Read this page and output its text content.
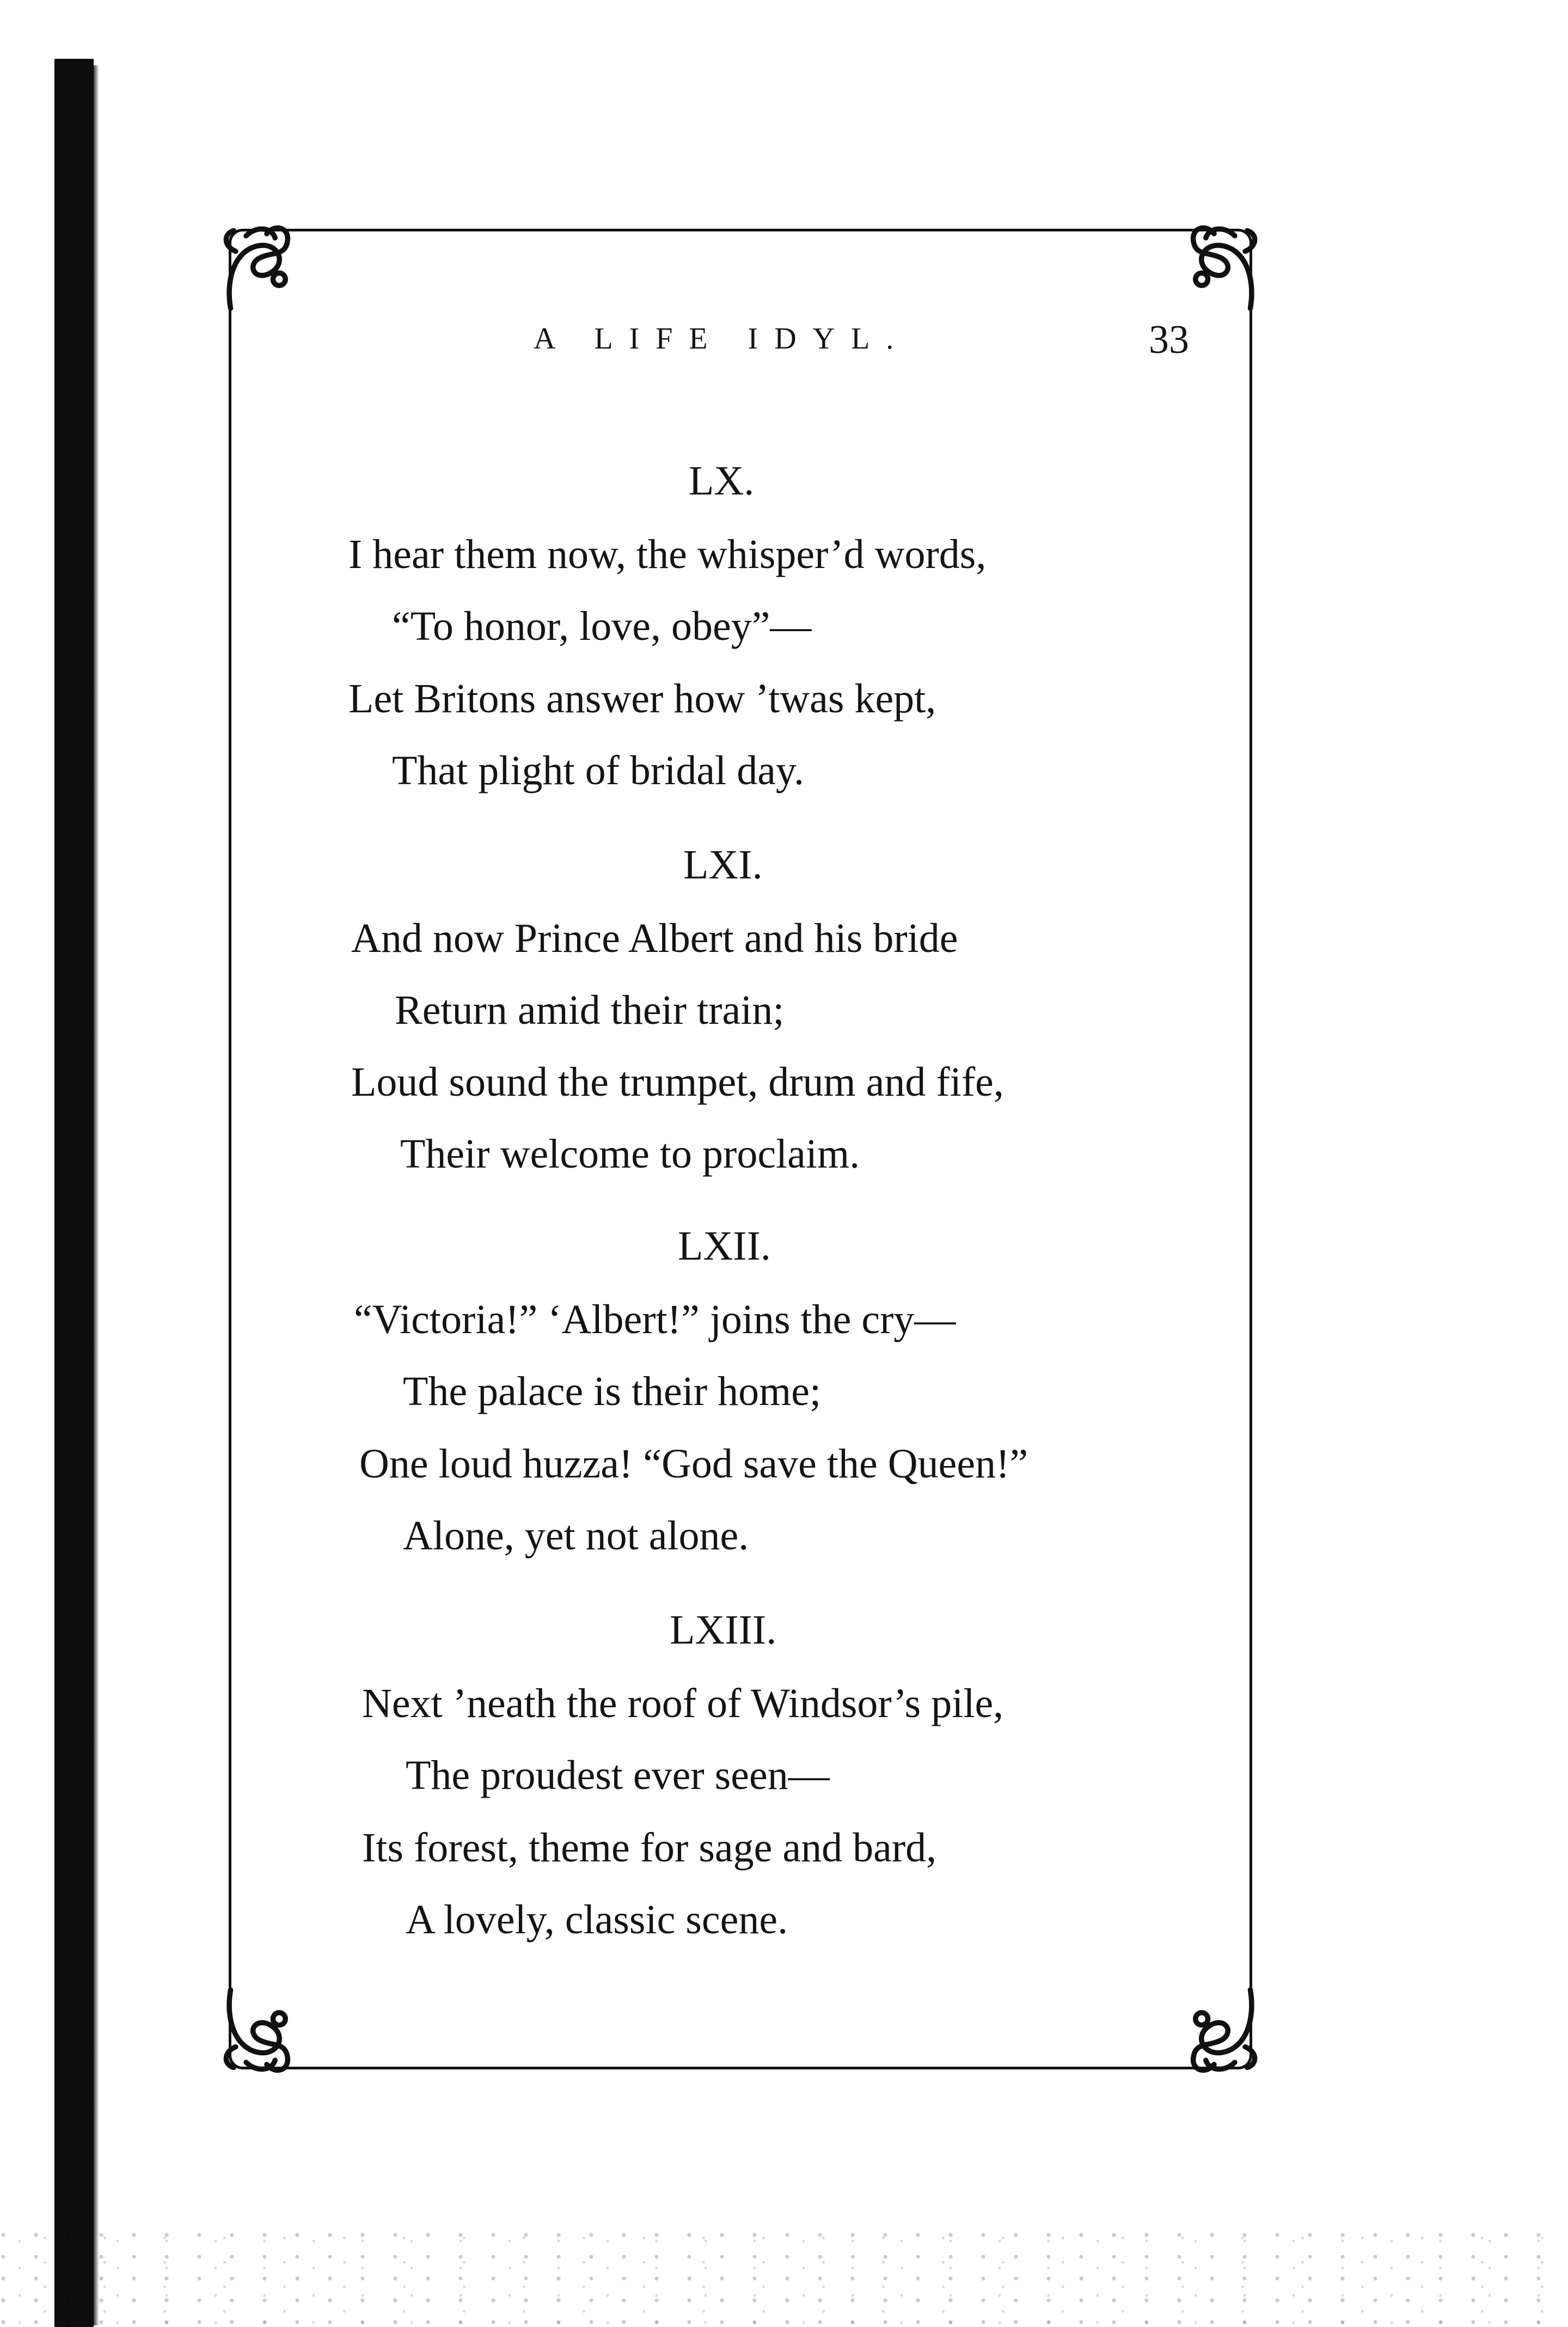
A LIFE IDYL.	33
LX.
I hear them now, the whisper’d words,
“To honor, love, obey”—
Let Britons answer how ’twas kept,
That plight of bridal day.
LXI.
And now Prince Albert and his bride
Return amid their train;
Loud sound the trumpet, drum and fife,
Their welcome to proclaim.
LXII.
“Victoria!” ‘Albert!” joins the cry—
The palace is their home;
One loud huzza! “God save the Queen!”
Alone, yet not alone.
LXIII.
Next ’neath the roof of Windsor’s pile,
The proudest ever seen—
Its forest, theme for sage and bard,
A lovely, classic scene.
